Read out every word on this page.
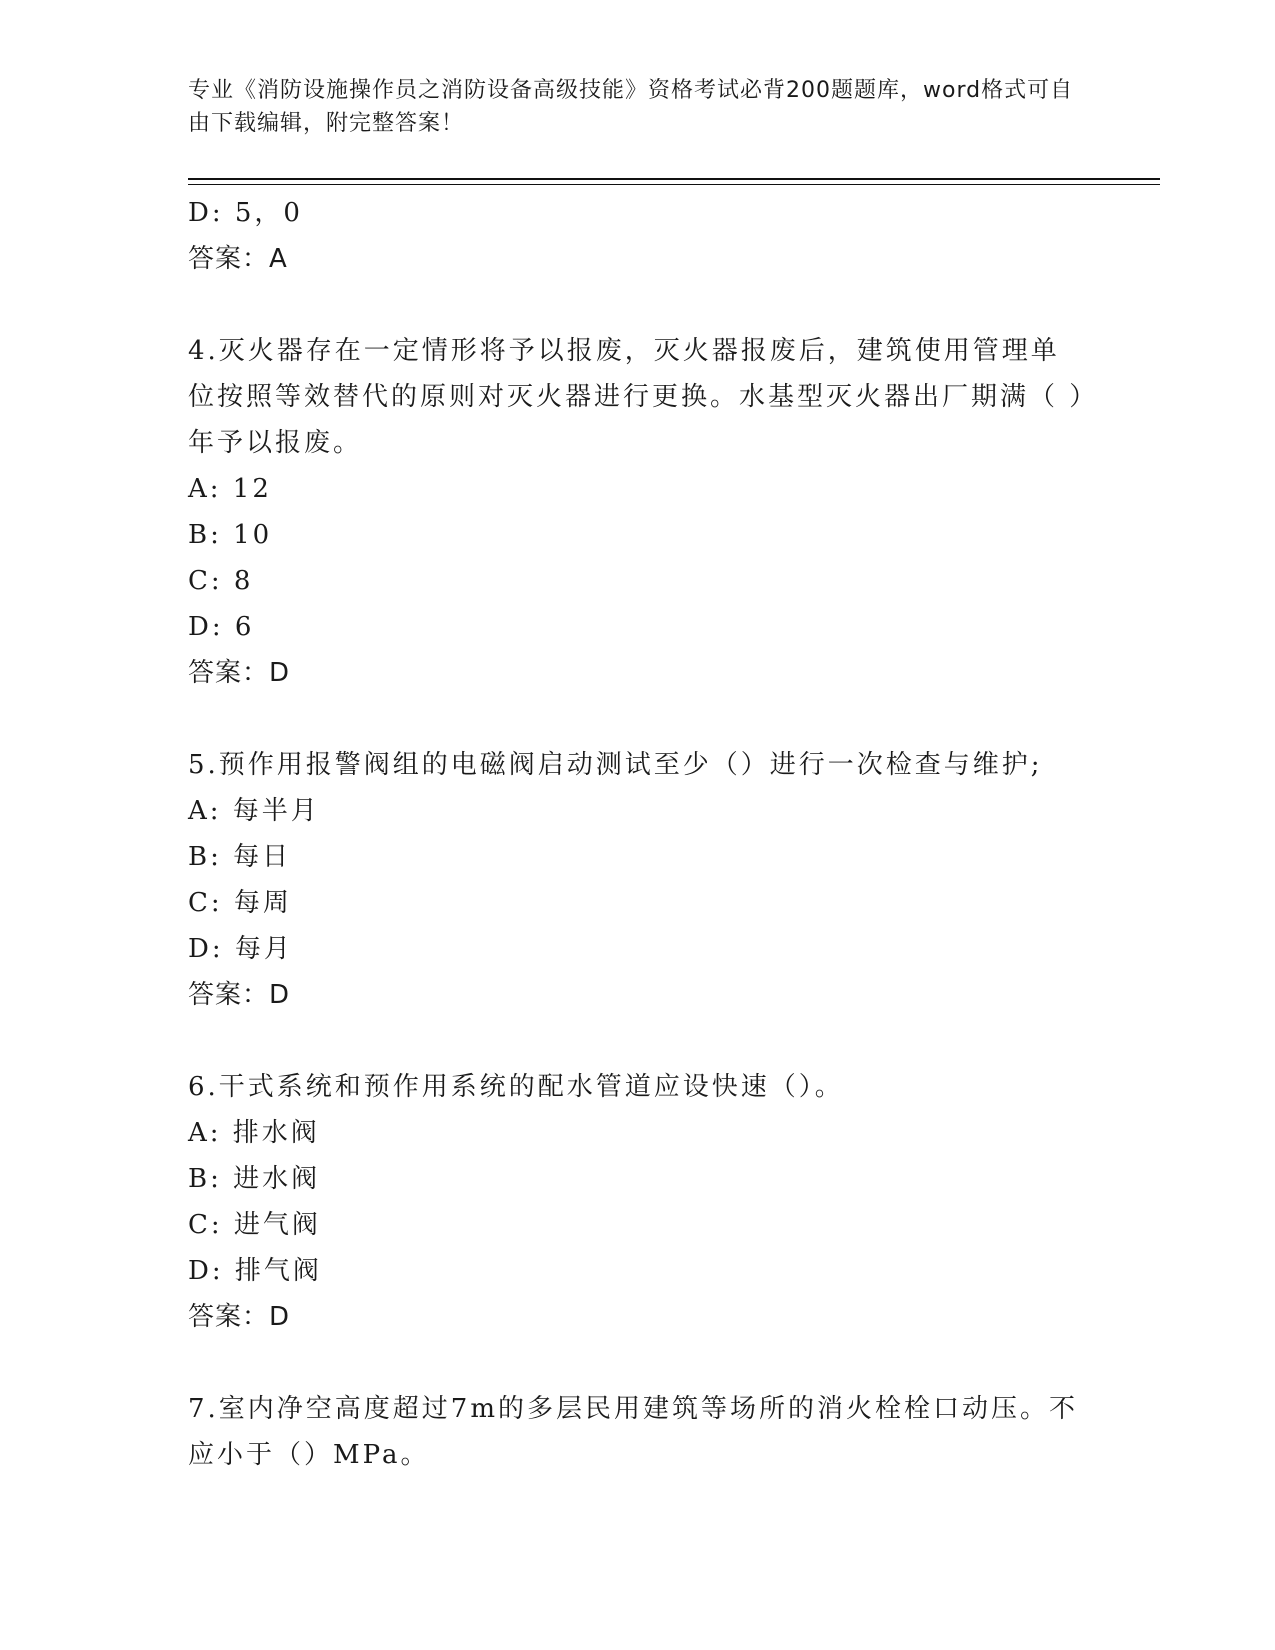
专业《消防设施操作员之消防设备高级技能》资格考试必背200题题库，word格式可自由下载编辑，附完整答案！

D: 5，0

答案：A

4.灭火器存在一定情形将予以报废，灭火器报废后，建筑使用管理单位按照等效替代的原则对灭火器进行更换。水基型灭火器出厂期满（ ）年予以报废。

A: 12

B: 10

C: 8

D: 6

答案：D

5.预作用报警阀组的电磁阀启动测试至少（）进行一次检查与维护;

A: 每半月

B: 每日

C: 每周

D: 每月

答案：D

6.干式系统和预作用系统的配水管道应设快速（）。

A: 排水阀

B: 进水阀

C: 进气阀

D: 排气阀

答案：D

7.室内净空高度超过7m的多层民用建筑等场所的消火栓栓口动压。不应小于（）MPa。
